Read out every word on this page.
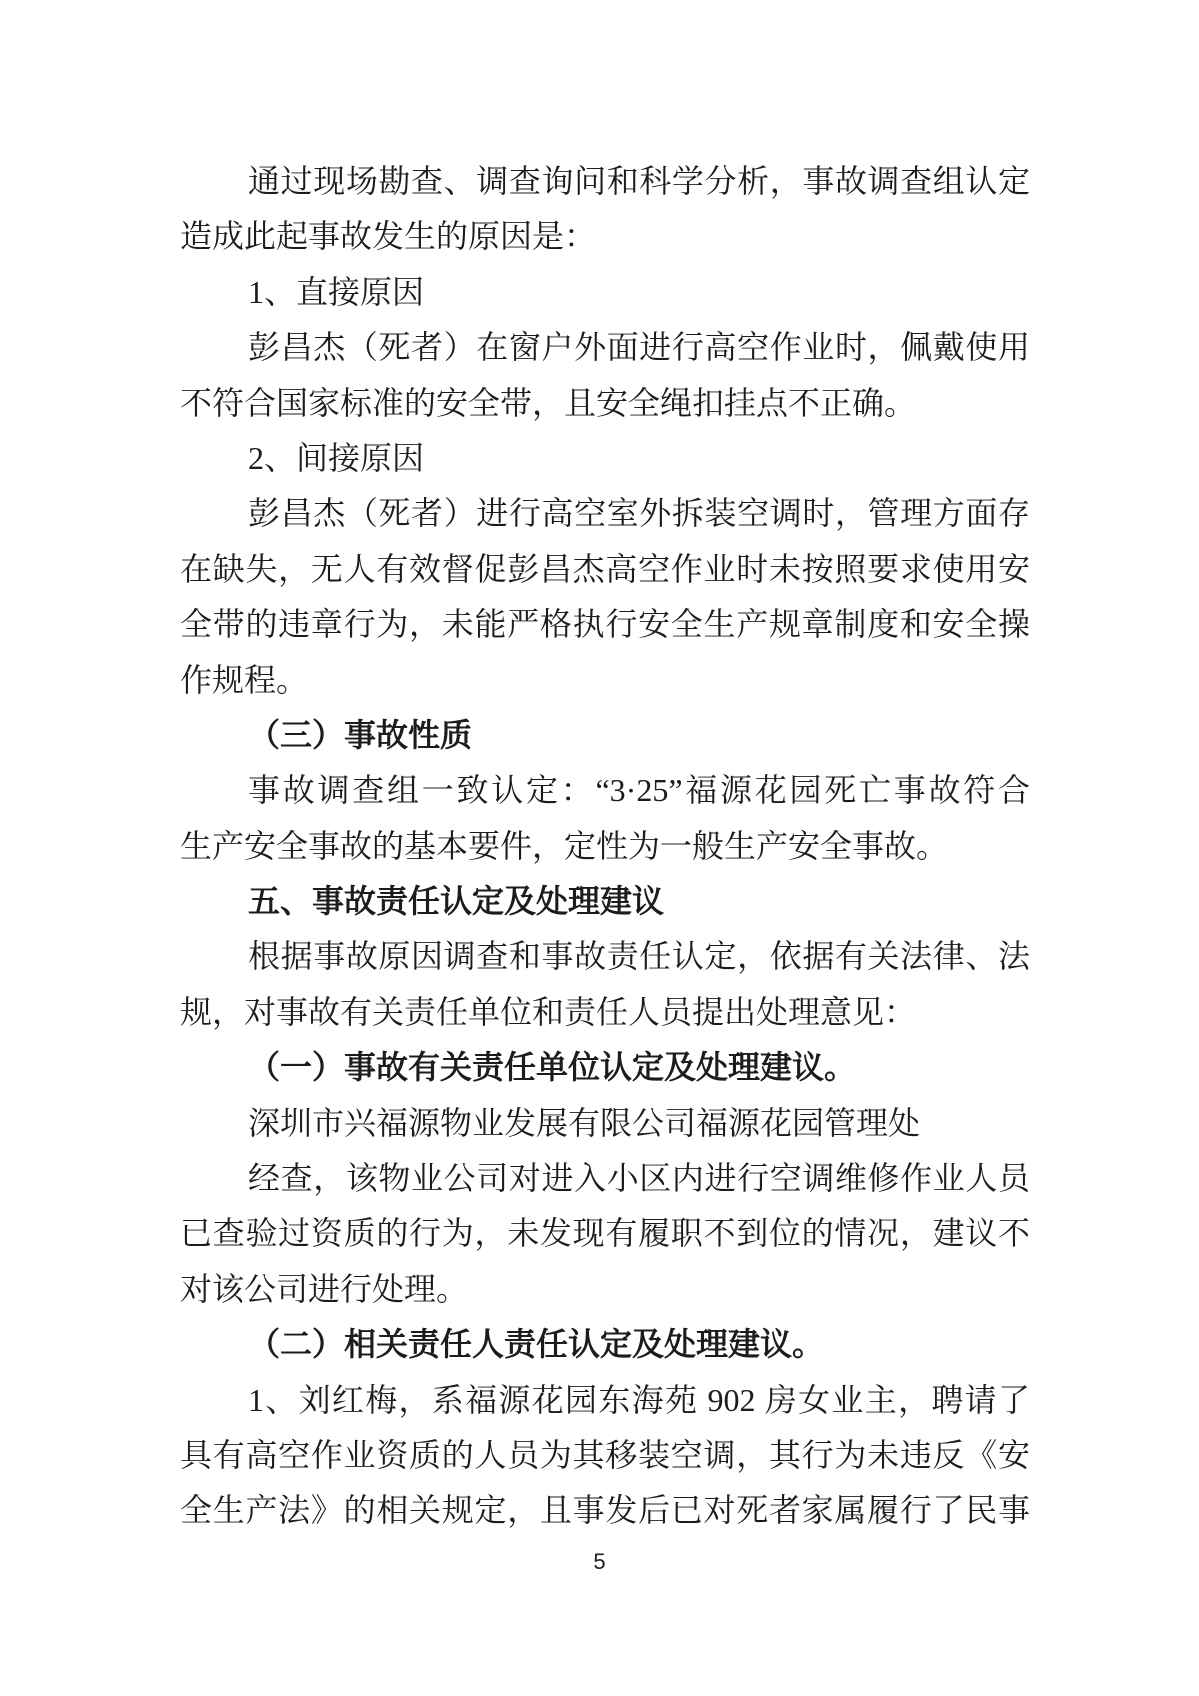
通过现场勘查、调查询问和科学分析，事故调查组认定
造成此起事故发生的原因是：
1、直接原因
彭昌杰（死者）在窗户外面进行高空作业时，佩戴使用
不符合国家标准的安全带，且安全绳扣挂点不正确。
2、间接原因
彭昌杰（死者）进行高空室外拆装空调时，管理方面存
在缺失，无人有效督促彭昌杰高空作业时未按照要求使用安
全带的违章行为，未能严格执行安全生产规章制度和安全操
作规程。
（三）事故性质
事故调查组一致认定：“3·25”福源花园死亡事故符合
生产安全事故的基本要件，定性为一般生产安全事故。
五、事故责任认定及处理建议
根据事故原因调查和事故责任认定，依据有关法律、法
规，对事故有关责任单位和责任人员提出处理意见：
（一）事故有关责任单位认定及处理建议。
深圳市兴福源物业发展有限公司福源花园管理处
经查，该物业公司对进入小区内进行空调维修作业人员
已查验过资质的行为，未发现有履职不到位的情况，建议不
对该公司进行处理。
（二）相关责任人责任认定及处理建议。
1、刘红梅，系福源花园东海苑 902 房女业主，聘请了
具有高空作业资质的人员为其移装空调，其行为未违反《安
全生产法》的相关规定，且事发后已对死者家属履行了民事
5
